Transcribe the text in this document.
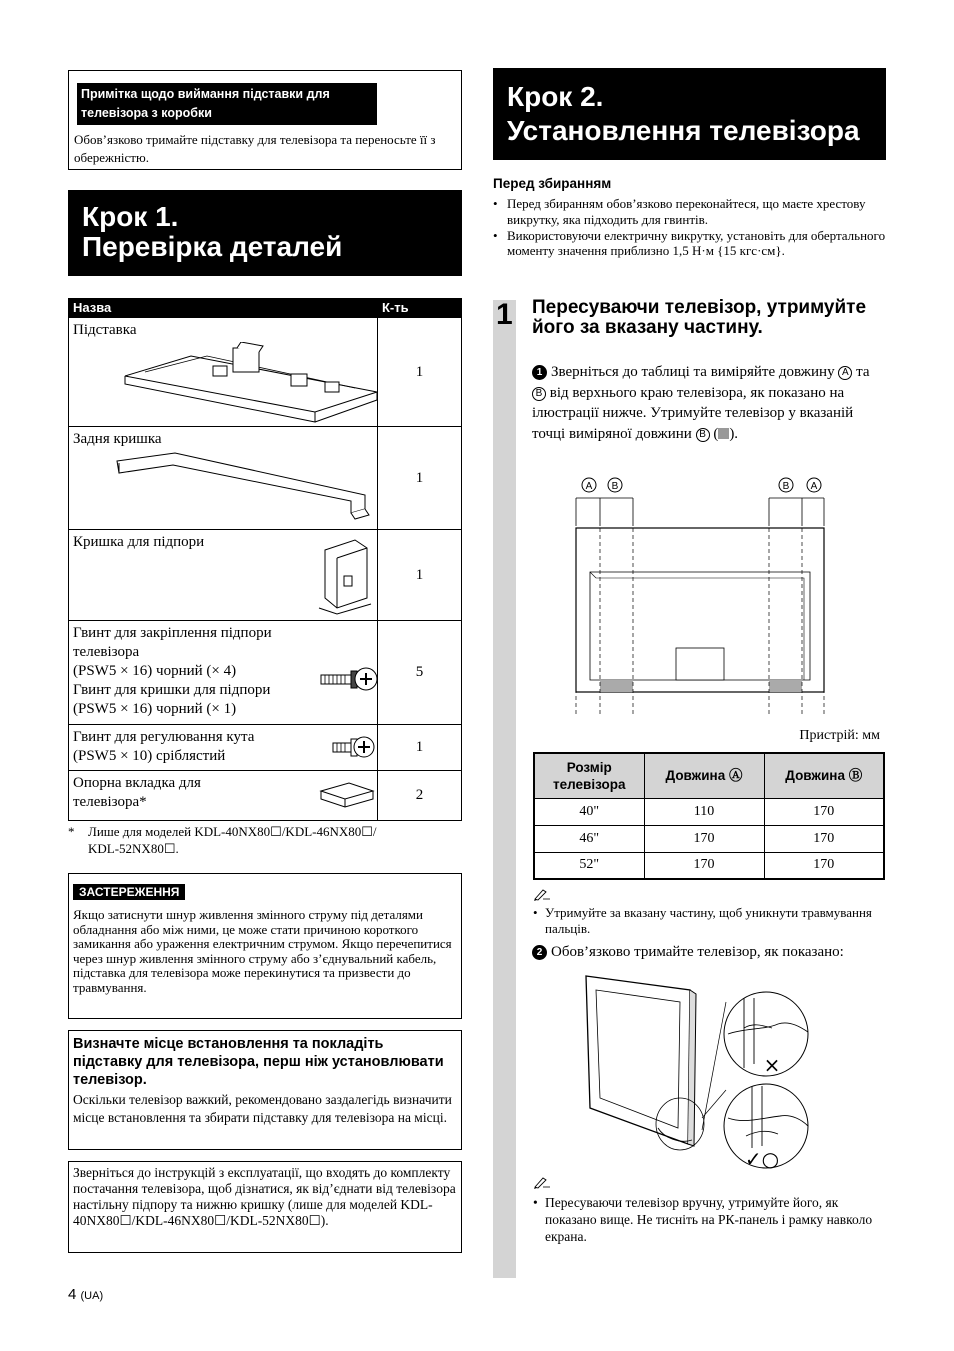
Примітка щодо виймання підставки для телевізора з коробки
Обов’язково тримайте підставку для телевізора та переносьте її з обережністю.
Крок 1.
Перевірка деталей
Назва	К-ть
Підставка	1
Задня кришка	1
Кришка для підпори	1

Гвинт для закріплення підпори
телевізора
(PSW5 × 16) чорний (× 4)
Гвинт для кришки для підпори
(PSW5 × 16) чорний (× 1)	5

Гвинт для регулювання кута
(PSW5 × 10) сріблястий	1

Опорна вкладка для
телевізора*	2
* Лише для моделей KDL-40NX80☐/KDL-46NX80☐/
KDL-52NX80☐.
ЗАСТЕРЕЖЕННЯ
Якщо затиснути шнур живлення змінного струму під деталями обладнання або між ними, це може стати причиною короткого замикання або ураження електричним струмом. Якщо перечепитися через шнур живлення змінного струму або з’єднувальний кабель, підставка для телевізора може перекинутися та призвести до травмування.
Визначте місце встановлення та покладіть підставку для телевізора, перш ніж установлювати телевізор.
Оскільки телевізор важкий, рекомендовано заздалегідь визначити місце встановлення та збирати підставку для телевізора на місці.
Зверніться до інструкцій з експлуатації, що входять до комплекту постачання телевізора, щоб дізнатися, як від’єднати від телевізора настільну підпору та нижню кришку (лише для моделей KDL-40NX80☐/KDL-46NX80☐/KDL-52NX80☐).
4 (UA)
Крок 2.
Установлення телевізора
Перед збиранням
• Перед збиранням обов’язково переконайтеся, що маєте хрестову викрутку, яка підходить для гвинтів.
• Використовуючи електричну викрутку, установіть для обертального моменту значення приблизно 1,5 Н·м {15 кгс·см}.
1 Пересуваючи телевізор, утримуйте його за вказану частину.
1 Зверніться до таблиці та виміряйте довжину A та B від верхнього краю телевізора, як показано на ілюстрації нижче. Утримуйте телевізор у вказаній точці виміряної довжини B ( ).
A B	B A
Пристрій: мм
Розмір телевізора	Довжина Ⓐ	Довжина Ⓑ
40"	110	170
46"	170	170
52"	170	170
• Утримуйте за вказану частину, щоб уникнути травмування пальців.
2 Обов’язково тримайте телевізор, як показано:
×
✓○
• Пересуваючи телевізор вручну, утримуйте його, як показано вище. Не тисніть на РК-панель і рамку навколо екрана.
